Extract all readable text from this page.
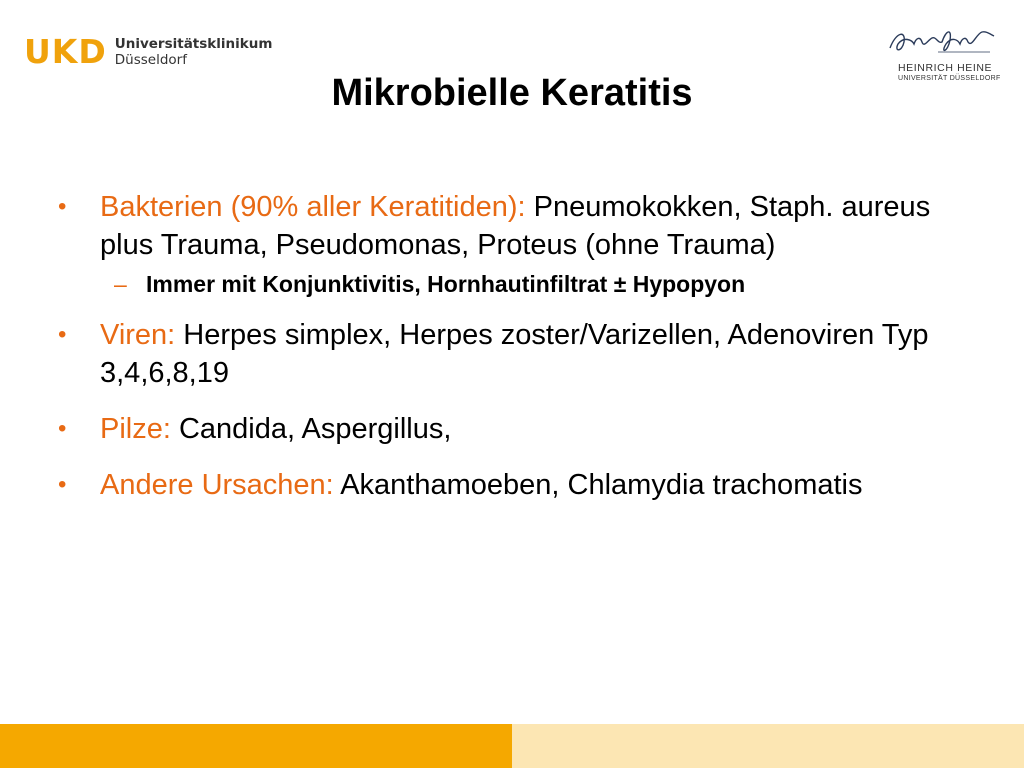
UKD Universitätsklinikum
Düsseldorf	HEINRICH HEINE
UNIVERSITÄT DÜSSELDORF
Mikrobielle Keratitis
• Bakterien (90% aller Keratitiden): Pneumokokken, Staph. aureus plus Trauma, Pseudomonas, Proteus (ohne Trauma)
– Immer mit Konjunktivitis, Hornhautinfiltrat ± Hypopyon
• Viren: Herpes simplex, Herpes zoster/Varizellen, Adenoviren Typ 3,4,6,8,19
• Pilze: Candida, Aspergillus,
• Andere Ursachen: Akanthamoeben, Chlamydia trachomatis
